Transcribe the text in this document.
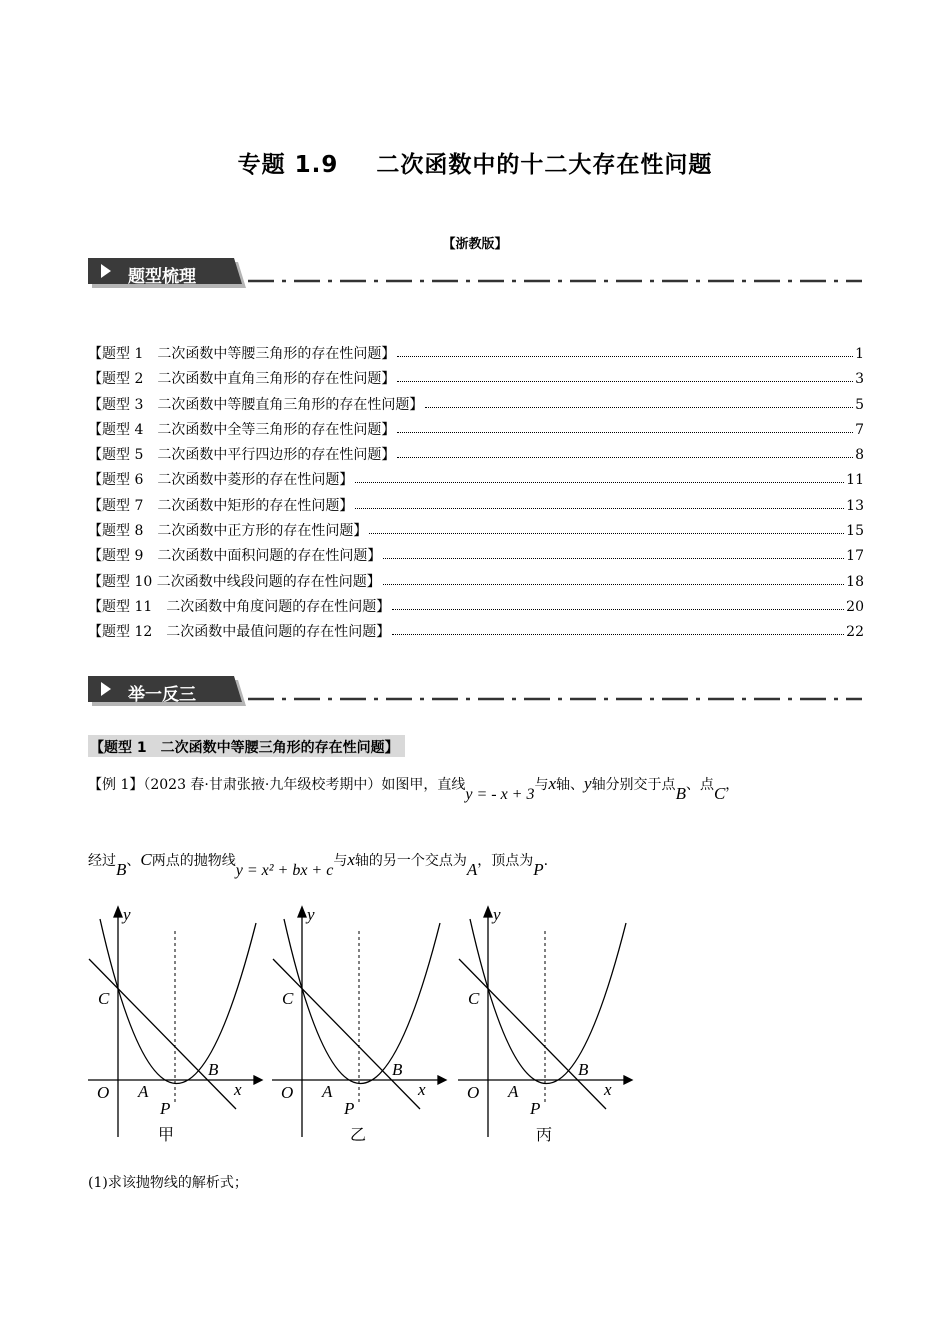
专题 1.9 二次函数中的十二大存在性问题
【浙教版】
题型梳理
【题型 1　二次函数中等腰三角形的存在性问题】	1
【题型 2　二次函数中直角三角形的存在性问题】	3
【题型 3　二次函数中等腰直角三角形的存在性问题】	5
【题型 4　二次函数中全等三角形的存在性问题】	7
【题型 5　二次函数中平行四边形的存在性问题】	8
【题型 6　二次函数中菱形的存在性问题】	11
【题型 7　二次函数中矩形的存在性问题】	13
【题型 8　二次函数中正方形的存在性问题】	15
【题型 9　二次函数中面积问题的存在性问题】	17
【题型 10 二次函数中线段问题的存在性问题】	18
【题型 11　二次函数中角度问题的存在性问题】	20
【题型 12　二次函数中最值问题的存在性问题】	22
举一反三
【题型 1　二次函数中等腰三角形的存在性问题】
【例 1】（2023 春·甘肃张掖·九年级校考期中）如图甲，直线y = - x + 3与x轴、y轴分别交于点B、点C，
经过B、C两点的抛物线y = x² + bx + c与x轴的另一个交点为A，顶点为P.
y
x
C
O A
P
B
甲
y
x
C
O A
P
B
乙
y
x
C
O A
P
B
丙
(1)求该抛物线的解析式；
